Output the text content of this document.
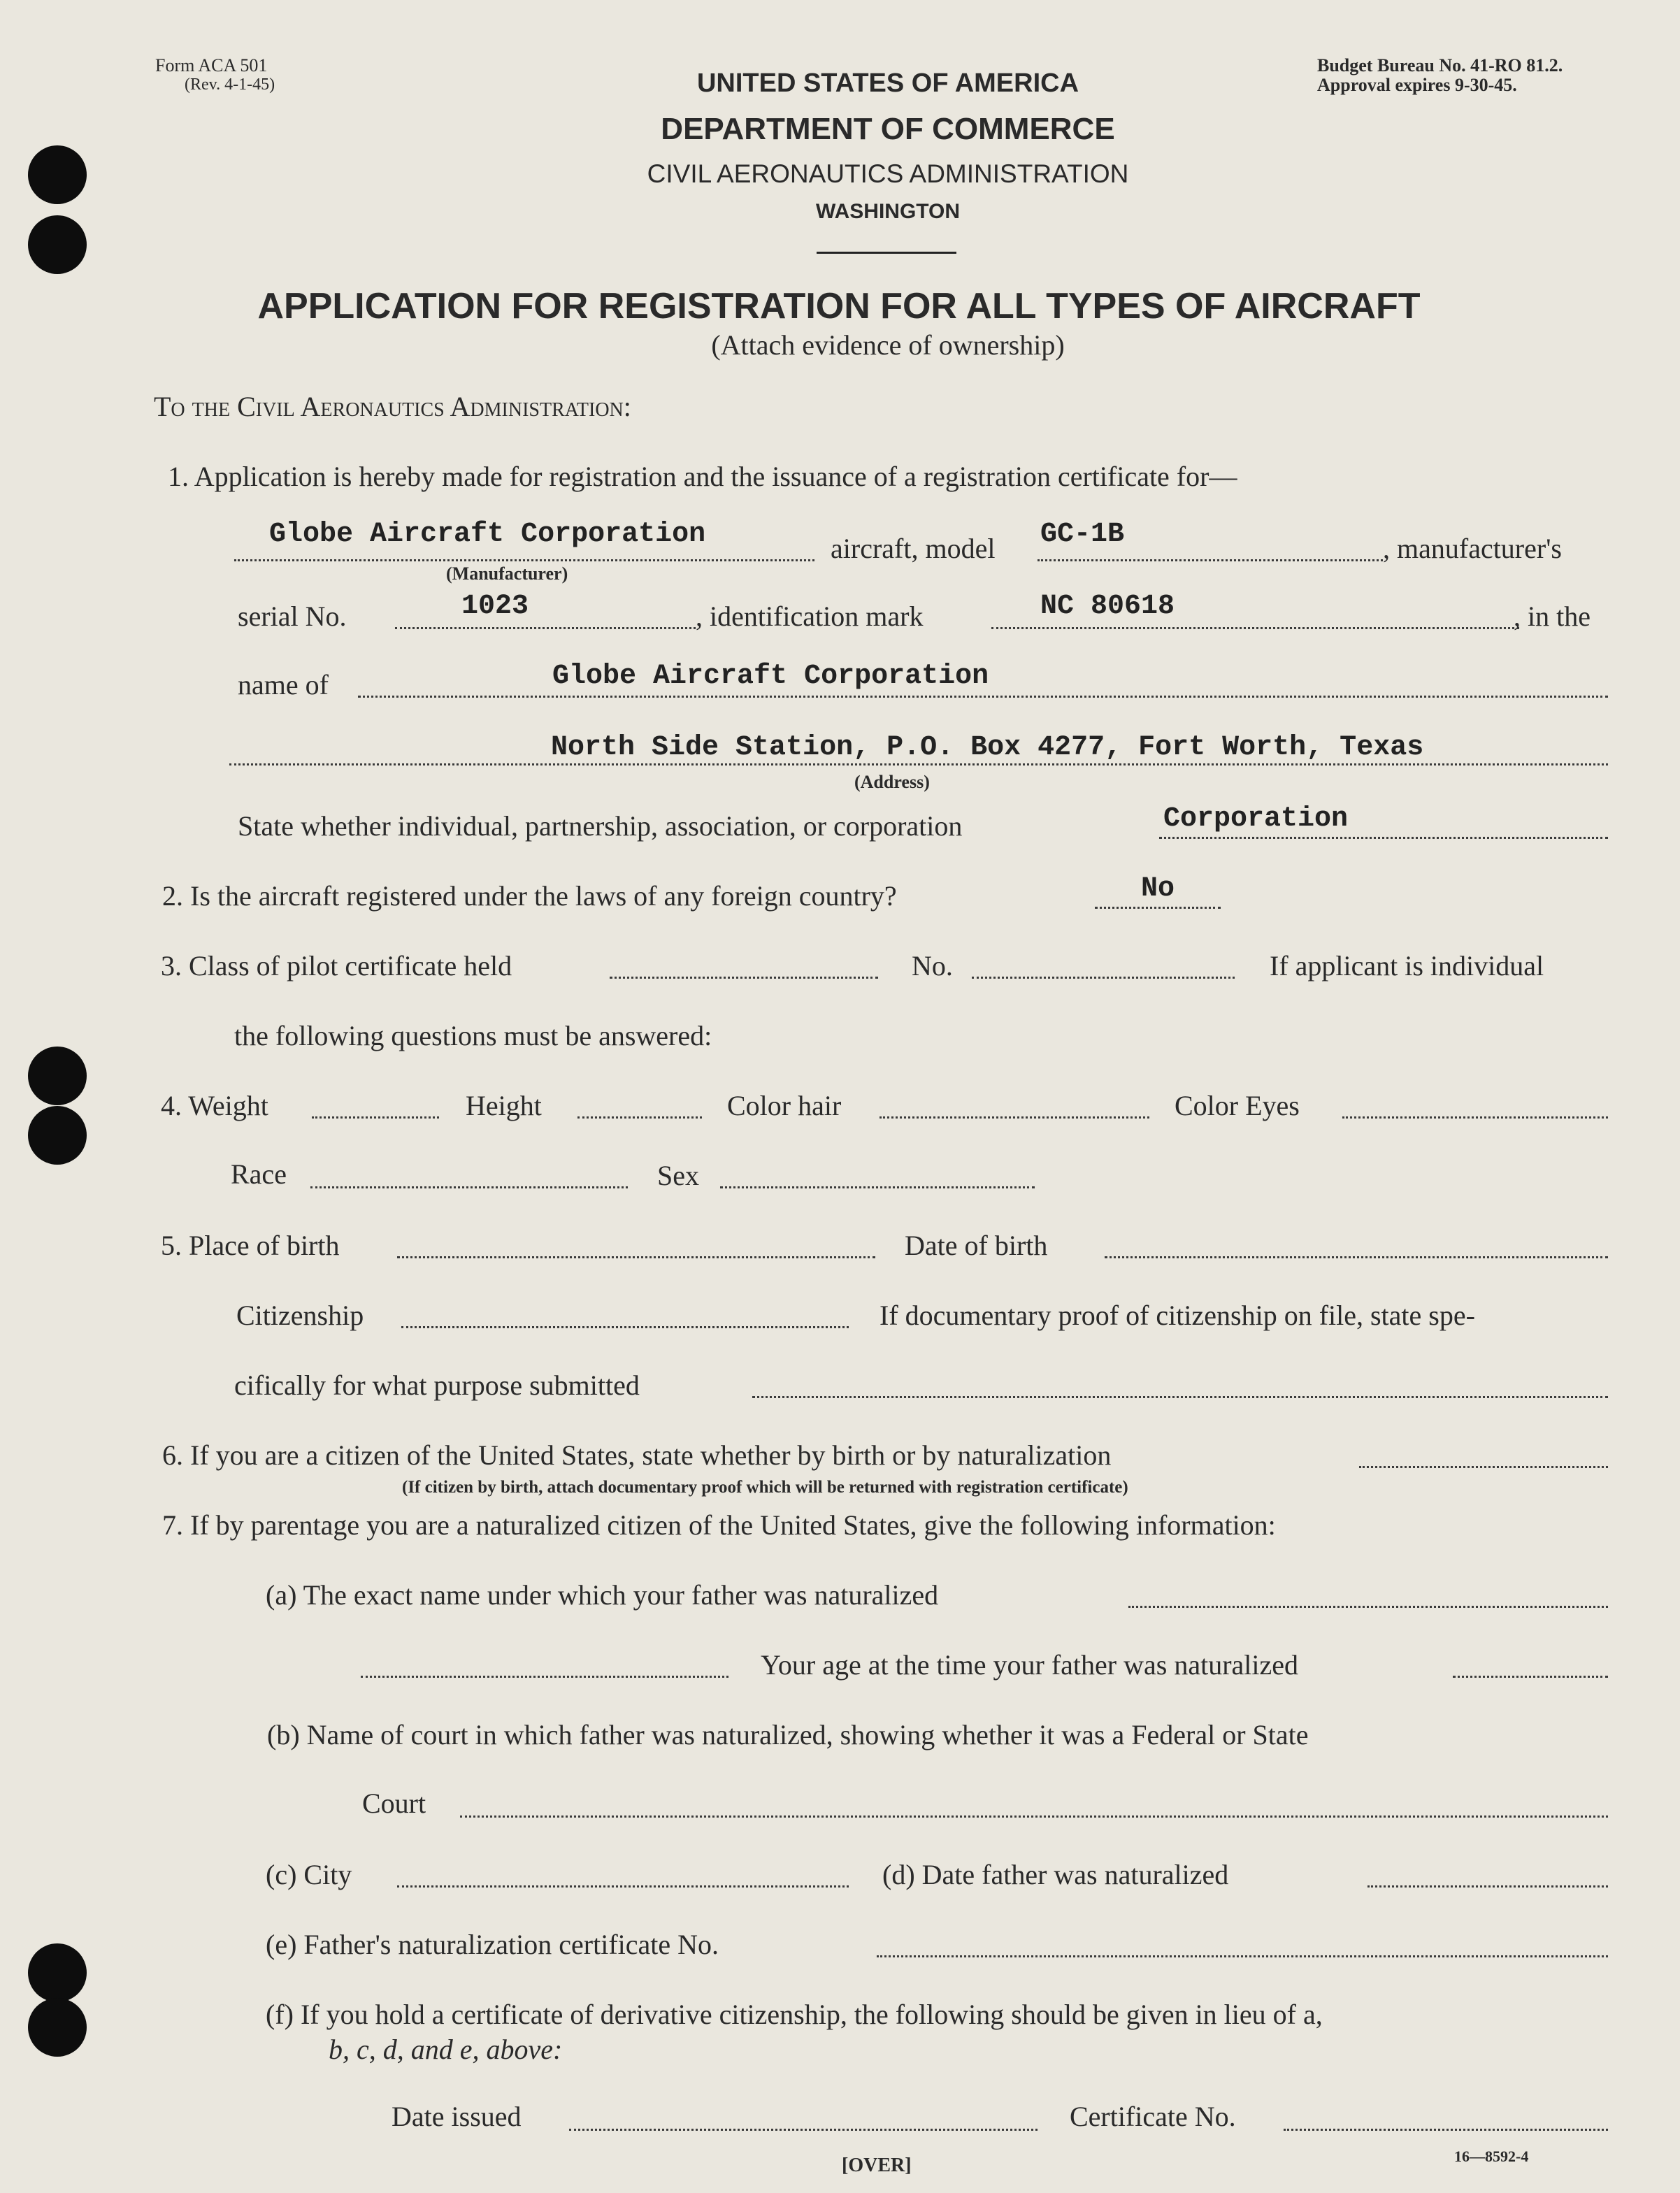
Form ACA 501
(Rev. 4-1-45)
Budget Bureau No. 41-RO 81.2.
Approval expires 9-30-45.
UNITED STATES OF AMERICA
DEPARTMENT OF COMMERCE
CIVIL AERONAUTICS ADMINISTRATION
WASHINGTON
APPLICATION FOR REGISTRATION FOR ALL TYPES OF AIRCRAFT
(Attach evidence of ownership)
To the Civil Aeronautics Administration:
1. Application is hereby made for registration and the issuance of a registration certificate for—
Globe Aircraft Corporation
(Manufacturer)
aircraft, model GC-1B	, manufacturer's
serial No.	1023	, identification mark	NC 80618	, in the
name of	Globe Aircraft Corporation
North Side Station, P.O. Box 4277, Fort Worth, Texas
(Address)
State whether individual, partnership, association, or corporation	Corporation
2. Is the aircraft registered under the laws of any foreign country?	No
3. Class of pilot certificate held	No.	If applicant is individual
the following questions must be answered:
4. Weight	Height	Color hair	Color Eyes
Race	Sex
5. Place of birth	Date of birth
Citizenship	If documentary proof of citizenship on file, state spe-
cifically for what purpose submitted
6. If you are a citizen of the United States, state whether by birth or by naturalization
(If citizen by birth, attach documentary proof which will be returned with registration certificate)
7. If by parentage you are a naturalized citizen of the United States, give the following information:
(a) The exact name under which your father was naturalized
Your age at the time your father was naturalized
(b) Name of court in which father was naturalized, showing whether it was a Federal or State
Court
(c) City	(d) Date father was naturalized
(e) Father's naturalization certificate No.
(f) If you hold a certificate of derivative citizenship, the following should be given in lieu of a,
b, c, d, and e, above:
Date issued	Certificate No.
[OVER]	16—8592-4
